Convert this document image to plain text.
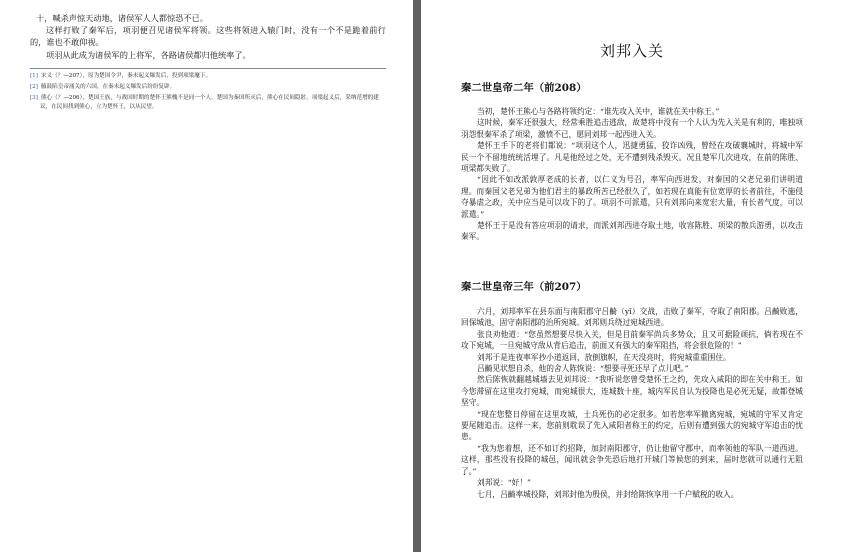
十，喊杀声惊天动地，诸侯军人人都惊恐不已。

这样打败了秦军后，项羽便召见诸侯军将领。这些将领进入辕门时，没有一个不是跪着前行的，谁也不敢仰视。

项羽从此成为诸侯军的上将军，各路诸侯都归他统率了。

[1] 宋义（？—207），原为楚国令尹，秦末起义爆发后，投到项梁麾下。

[2] 腋鼓陷皇帝涌关的六国，在秦末起义爆发后纷纷复辟。

[3] 熊心（？—206），楚国王族，与战国时期的楚怀王熊槐不是同一个人。楚国为秦国所灭后，熊心在民间隐匿。项梁起义后，采纳范增的建议，在民间找到熊心，立为楚怀王，以从民望。

刘邦入关
秦二世皇帝二年（前208）

当初，楚怀王熊心与各路将领约定：“谁先攻入关中，谁就在关中称王。”

这时候，秦军还很强大，经常乘胜追击逃敌，故楚将中没有一个人认为先入关是有利的，唯独项羽怨恨秦军杀了项梁，激愤不已，愿同刘邦一起西进入关。

楚怀王手下的老将们都说：“项羽这个人，迅捷勇猛，狡诈凶残，曾经在攻破襄城时，将城中军民一个不留地统统活埋了。凡是他经过之处，无不遭到残杀毁灭。况且楚军几次进攻，在前的陈胜、项梁都失败了。

“因此不如改派敦厚老成的长者，以仁义为号召，率军向西进发，对秦国的父老兄弟们讲明道理。而秦国父老兄弟为他们君主的暴政所苦已经很久了，如若现在真能有位宽厚的长者前往，不施侵夺暴虐之政，关中应当是可以攻下的了。项羽不可派遣，只有刘邦向来宽宏大量，有长者气度，可以派遣。”

楚怀王于是没有答应项羽的请求，而派刘邦西进夺取土地，收容陈胜、项梁的散兵游勇，以攻击秦军。

秦二世皇帝三年（前207）

六月，刘邦率军在县东面与南阳郡守吕齮（yǐ）交战，击败了秦军，夺取了南阳郡。吕齮败逃，回保城池，固守南阳郡的治所宛城。刘邦则兵绕过宛城西进。

张良劝他道：“您虽然想要尽快入关，但是目前秦军尚兵多势众，且又可据险顽抗，倘若现在不攻下宛城，一旦宛城守敌从背后追击，前面又有强大的秦军阻挡，将会很危险的！”

刘邦于是连夜率军抄小道返回，放倒旗帜，在天没亮时，将宛城重重围住。

吕齮见状想自杀，他的舍人陈恢说：“想要寻死还早了点儿吧。”

然后陈恢就翻越城墙去见刘邦说：“我听说您曾受楚怀王之约，先攻入咸阳的即在关中称王。如今您滞留在这里攻打宛城，而宛城很大，连城数十座，城内军民自认为投降也是必死无疑，故都登城坚守。

“现在您整日停留在这里攻城，士兵死伤的必定很多。如若您率军撤离宛城，宛城的守军又肯定要尾随追击。这样一来，您前则耽误了先入咸阳者称王的约定，后则有遭到强大的宛城守军追击的忧患。

“我为您着想，还不如订约招降，加封南阳郡守，仍让他留守郡中，而率领他的军队一道西进。这样，那些没有投降的城邑，闻讯就会争先恐后地打开城门等候您的到来，届时您就可以通行无阻了。”

刘邦说：“好！”

七月，吕齮率城投降，刘邦封他为殷侯，并封给陈恢享用一千户赋税的收入。
